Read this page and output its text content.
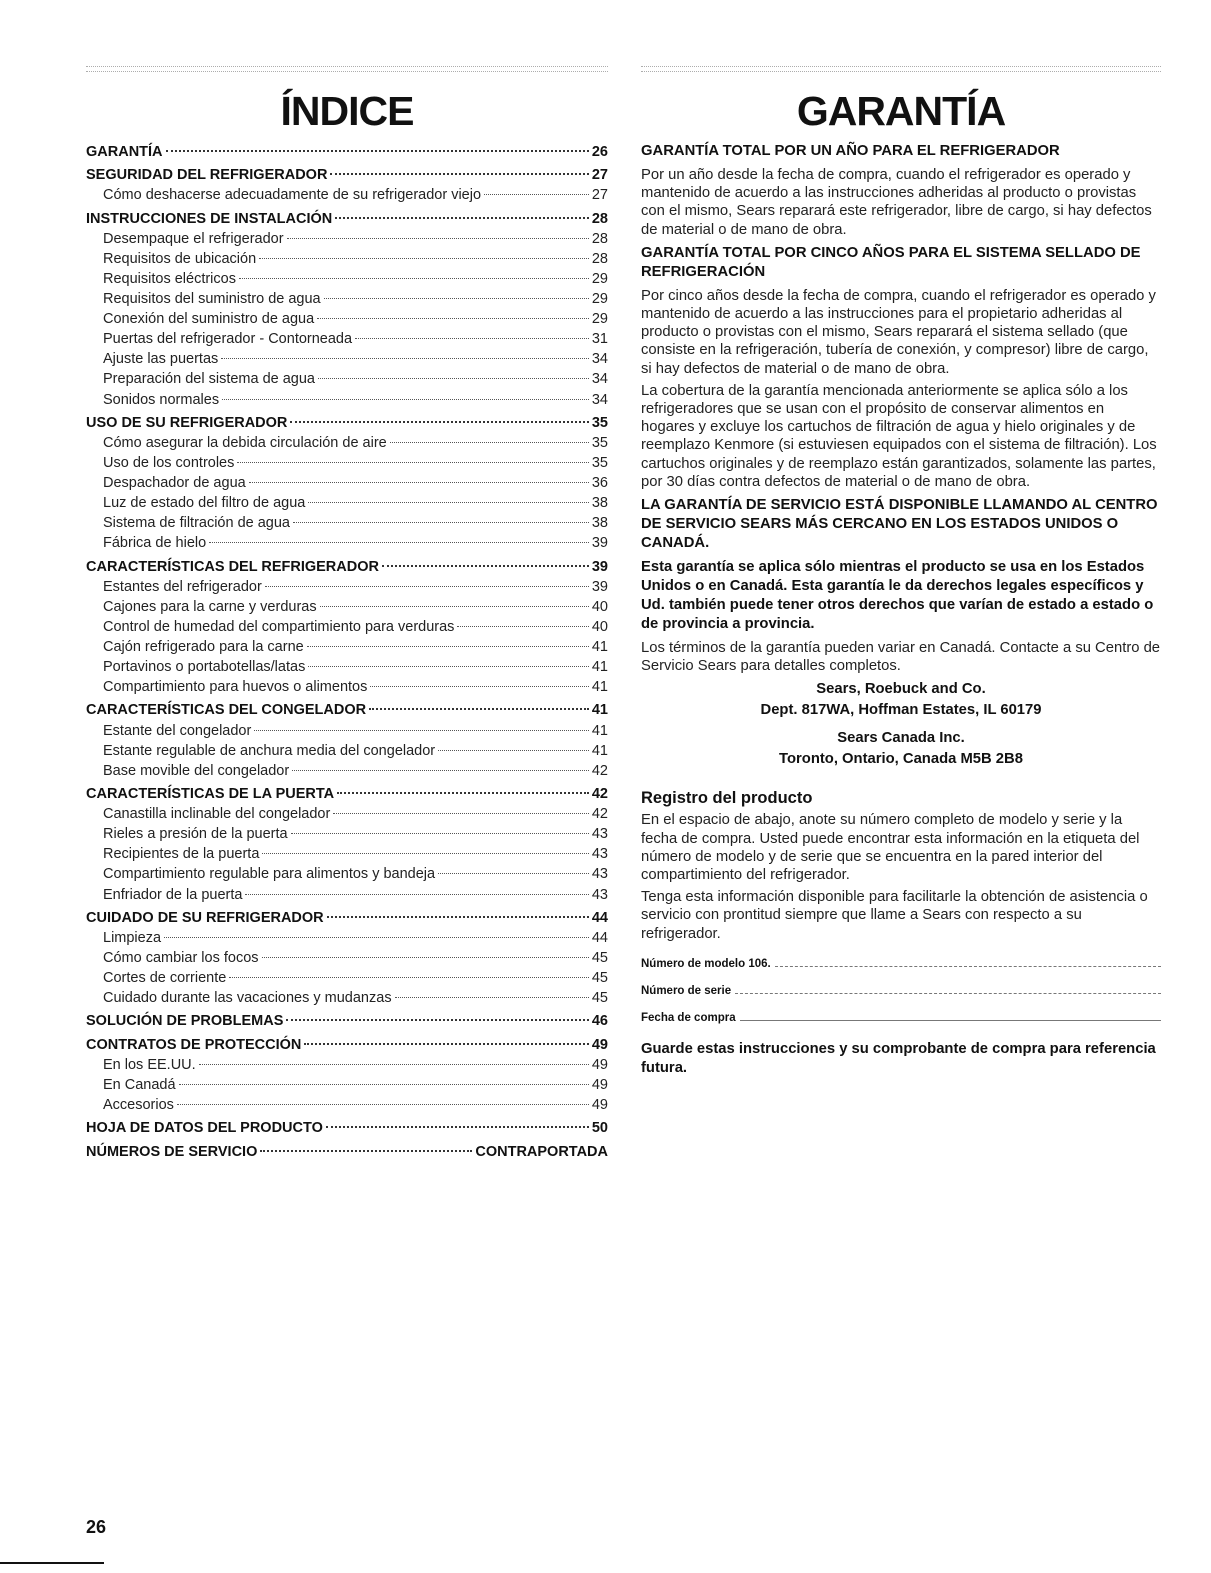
ÍNDICE
GARANTÍA	26
SEGURIDAD DEL REFRIGERADOR	27
Cómo deshacerse adecuadamente de su refrigerador viejo	27
INSTRUCCIONES DE INSTALACIÓN	28
Desempaque el refrigerador	28
Requisitos de ubicación	28
Requisitos eléctricos	29
Requisitos del suministro de agua	29
Conexión del suministro de agua	29
Puertas del refrigerador - Contorneada	31
Ajuste las puertas	34
Preparación del sistema de agua	34
Sonidos normales	34
USO DE SU REFRIGERADOR	35
Cómo asegurar la debida circulación de aire	35
Uso de los controles	35
Despachador de agua	36
Luz de estado del filtro de agua	38
Sistema de filtración de agua	38
Fábrica de hielo	39
CARACTERÍSTICAS DEL REFRIGERADOR	39
Estantes del refrigerador	39
Cajones para la carne y verduras	40
Control de humedad del compartimiento para verduras	40
Cajón refrigerado para la carne	41
Portavinos o portabotellas/latas	41
Compartimiento para huevos o alimentos	41
CARACTERÍSTICAS DEL CONGELADOR	41
Estante del congelador	41
Estante regulable de anchura media del congelador	41
Base movible del congelador	42
CARACTERÍSTICAS DE LA PUERTA	42
Canastilla inclinable del congelador	42
Rieles a presión de la puerta	43
Recipientes de la puerta	43
Compartimiento regulable para alimentos y bandeja	43
Enfriador de la puerta	43
CUIDADO DE SU REFRIGERADOR	44
Limpieza	44
Cómo cambiar los focos	45
Cortes de corriente	45
Cuidado durante las vacaciones y mudanzas	45
SOLUCIÓN DE PROBLEMAS	46
CONTRATOS DE PROTECCIÓN	49
En los EE.UU.	49
En Canadá	49
Accesorios	49
HOJA DE DATOS DEL PRODUCTO	50
NÚMEROS DE SERVICIO	CONTRAPORTADA
GARANTÍA
GARANTÍA TOTAL POR UN AÑO PARA EL REFRIGERADOR

Por un año desde la fecha de compra, cuando el refrigerador es operado y mantenido de acuerdo a las instrucciones adheridas al producto o provistas con el mismo, Sears reparará este refrigerador, libre de cargo, si hay defectos de material o de mano de obra.

GARANTÍA TOTAL POR CINCO AÑOS PARA EL SISTEMA SELLADO DE REFRIGERACIÓN

Por cinco años desde la fecha de compra, cuando el refrigerador es operado y mantenido de acuerdo a las instrucciones para el propietario adheridas al producto o provistas con el mismo, Sears reparará el sistema sellado (que consiste en la refrigeración, tubería de conexión, y compresor) libre de cargo, si hay defectos de material o de mano de obra.

La cobertura de la garantía mencionada anteriormente se aplica sólo a los refrigeradores que se usan con el propósito de conservar alimentos en hogares y excluye los cartuchos de filtración de agua y hielo originales y de reemplazo Kenmore (si estuviesen equipados con el sistema de filtración). Los cartuchos originales y de reemplazo están garantizados, solamente las partes, por 30 días contra defectos de material o de mano de obra.

LA GARANTÍA DE SERVICIO ESTÁ DISPONIBLE LLAMANDO AL CENTRO DE SERVICIO SEARS MÁS CERCANO EN LOS ESTADOS UNIDOS O CANADÁ.
Esta garantía se aplica sólo mientras el producto se usa en los Estados Unidos o en Canadá. Esta garantía le da derechos legales específicos y Ud. también puede tener otros derechos que varían de estado a estado o de provincia a provincia.

Los términos de la garantía pueden variar en Canadá. Contacte a su Centro de Servicio Sears para detalles completos.

Sears, Roebuck and Co.
Dept. 817WA, Hoffman Estates, IL 60179
Sears Canada Inc.
Toronto, Ontario, Canada M5B 2B8
Registro del producto

En el espacio de abajo, anote su número completo de modelo y serie y la fecha de compra. Usted puede encontrar esta información en la etiqueta del número de modelo y de serie que se encuentra en la pared interior del compartimiento del refrigerador.

Tenga esta información disponible para facilitarle la obtención de asistencia o servicio con prontitud siempre que llame a Sears con respecto a su refrigerador.

Número de modelo 106.
Número de serie
Fecha de compra
Guarde estas instrucciones y su comprobante de compra para referencia futura.
26
